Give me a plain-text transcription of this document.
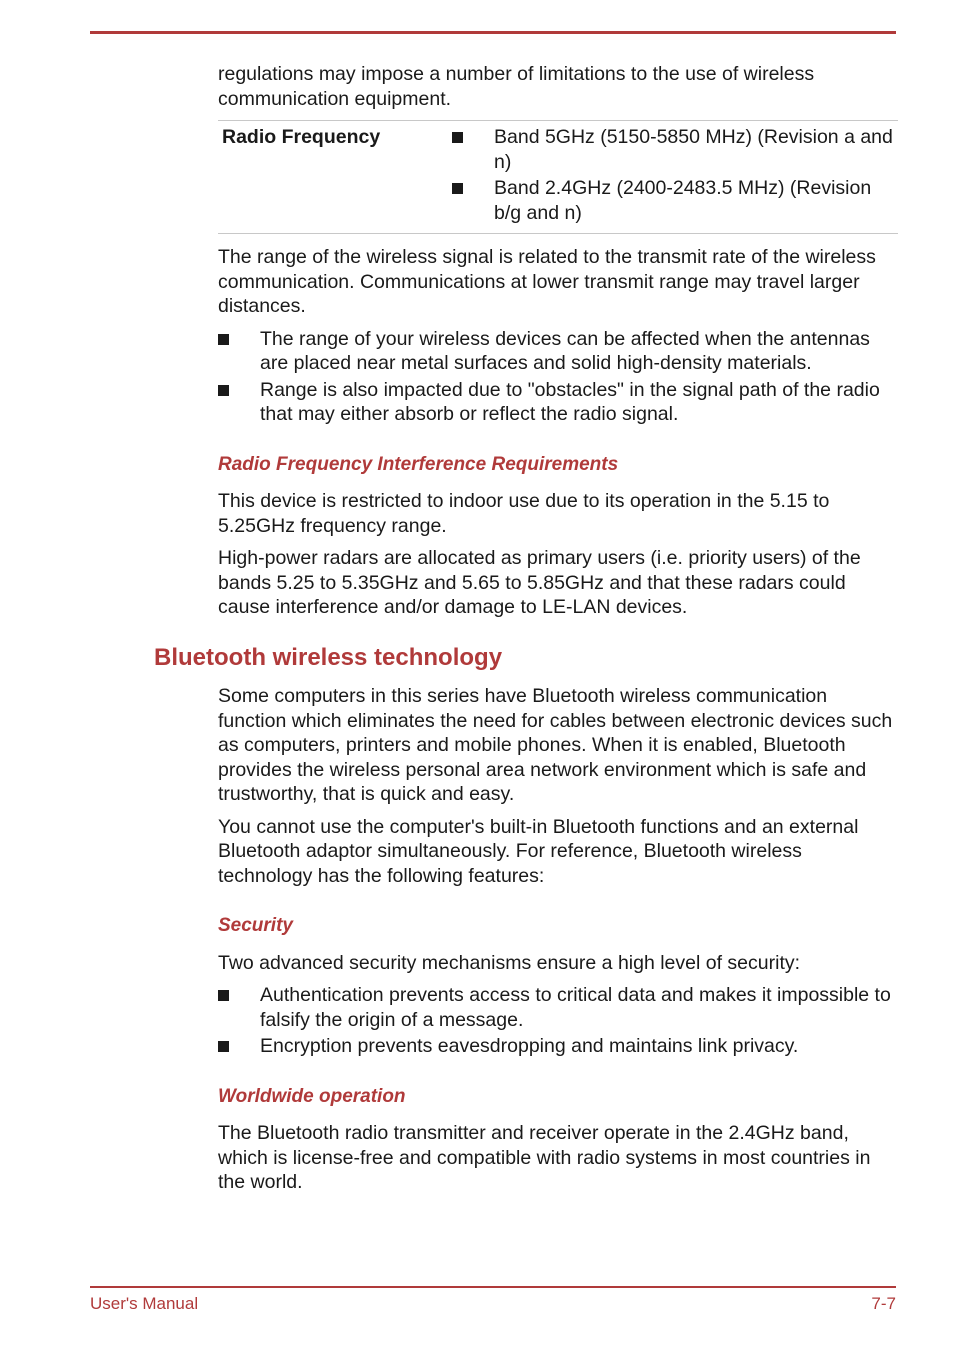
regulations may impose a number of limitations to the use of wireless communication equipment.

Radio Frequency	Band 5GHz (5150-5850 MHz) (Revision a and n)
Band 2.4GHz (2400-2483.5 MHz) (Revision b/g and n)

The range of the wireless signal is related to the transmit rate of the wireless communication. Communications at lower transmit range may travel larger distances.

The range of your wireless devices can be affected when the antennas are placed near metal surfaces and solid high-density materials.
Range is also impacted due to "obstacles" in the signal path of the radio that may either absorb or reflect the radio signal.
Radio Frequency Interference Requirements

This device is restricted to indoor use due to its operation in the 5.15 to 5.25GHz frequency range.

High-power radars are allocated as primary users (i.e. priority users) of the bands 5.25 to 5.35GHz and 5.65 to 5.85GHz and that these radars could cause interference and/or damage to LE-LAN devices.

Bluetooth wireless technology

Some computers in this series have Bluetooth wireless communication function which eliminates the need for cables between electronic devices such as computers, printers and mobile phones. When it is enabled, Bluetooth provides the wireless personal area network environment which is safe and trustworthy, that is quick and easy.

You cannot use the computer's built-in Bluetooth functions and an external Bluetooth adaptor simultaneously. For reference, Bluetooth wireless technology has the following features:

Security

Two advanced security mechanisms ensure a high level of security:

Authentication prevents access to critical data and makes it impossible to falsify the origin of a message.
Encryption prevents eavesdropping and maintains link privacy.
Worldwide operation

The Bluetooth radio transmitter and receiver operate in the 2.4GHz band, which is license-free and compatible with radio systems in most countries in the world.

User's Manual	7-7
